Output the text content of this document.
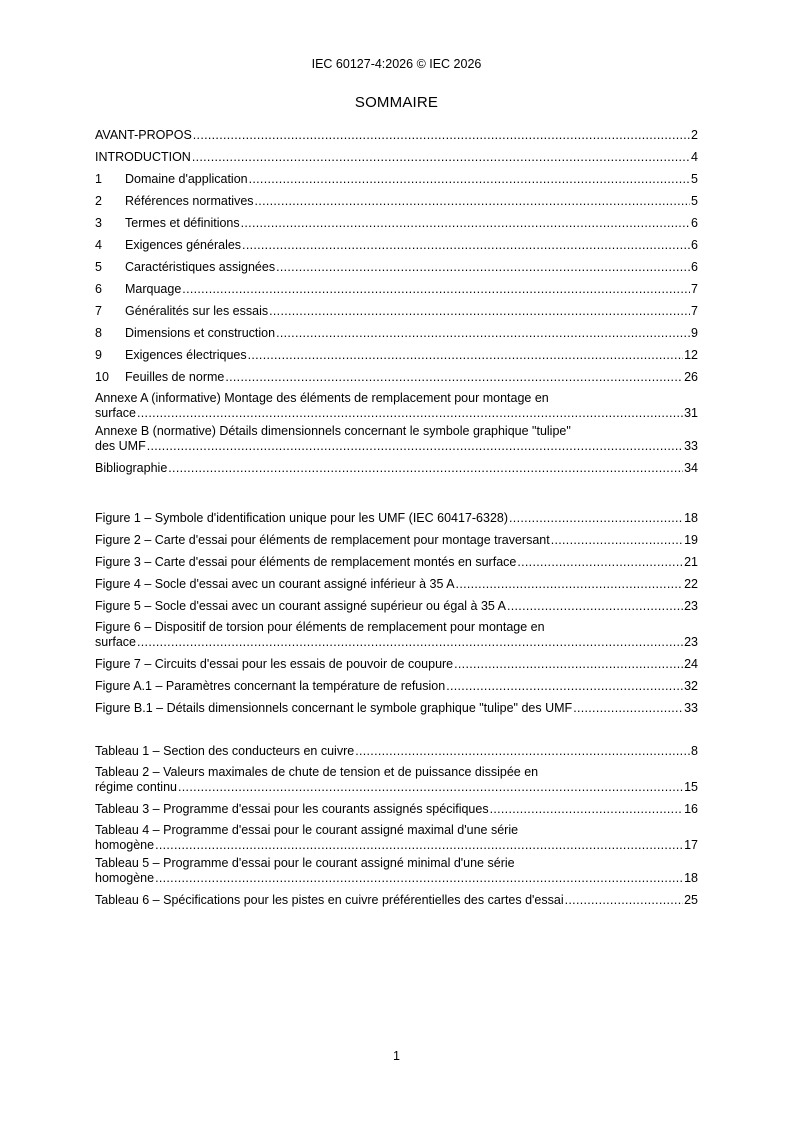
IEC 60127-4:2026 © IEC 2026
SOMMAIRE
AVANT-PROPOS .....	2
INTRODUCTION .....	4
1	Domaine d'application .....	5
2	Références normatives .....	5
3	Termes et définitions .....	6
4	Exigences générales .....	6
5	Caractéristiques assignées .....	6
6	Marquage .....	7
7	Généralités sur les essais .....	7
8	Dimensions et construction .....	9
9	Exigences électriques .....	12
10	Feuilles de norme .....	26
Annexe A (informative) Montage des éléments de remplacement pour montage en
surface .....	31
Annexe B (normative) Détails dimensionnels concernant le symbole graphique "tulipe"
des UMF .....	33
Bibliographie .....	34
Figure 1 – Symbole d'identification unique pour les UMF (IEC 60417-6328) .....	18
Figure 2 – Carte d'essai pour éléments de remplacement pour montage traversant .....	19
Figure 3 – Carte d'essai pour éléments de remplacement montés en surface .....	21
Figure 4 – Socle d'essai avec un courant assigné inférieur à 35 A .....	22
Figure 5 – Socle d'essai avec un courant assigné supérieur ou égal à 35 A .....	23
Figure 6 – Dispositif de torsion pour éléments de remplacement pour montage en
surface .....	23
Figure 7 – Circuits d'essai pour les essais de pouvoir de coupure .....	24
Figure A.1 – Paramètres concernant la température de refusion .....	32
Figure B.1 – Détails dimensionnels concernant le symbole graphique "tulipe" des UMF .....	33
Tableau 1 – Section des conducteurs en cuivre .....	8
Tableau 2 – Valeurs maximales de chute de tension et de puissance dissipée en
régime continu .....	15
Tableau 3 – Programme d'essai pour les courants assignés spécifiques .....	16
Tableau 4 – Programme d'essai pour le courant assigné maximal d'une série
homogène .....	17
Tableau 5 – Programme d'essai pour le courant assigné minimal d'une série
homogène .....	18
Tableau 6 – Spécifications pour les pistes en cuivre préférentielles des cartes d'essai .....	25
1
